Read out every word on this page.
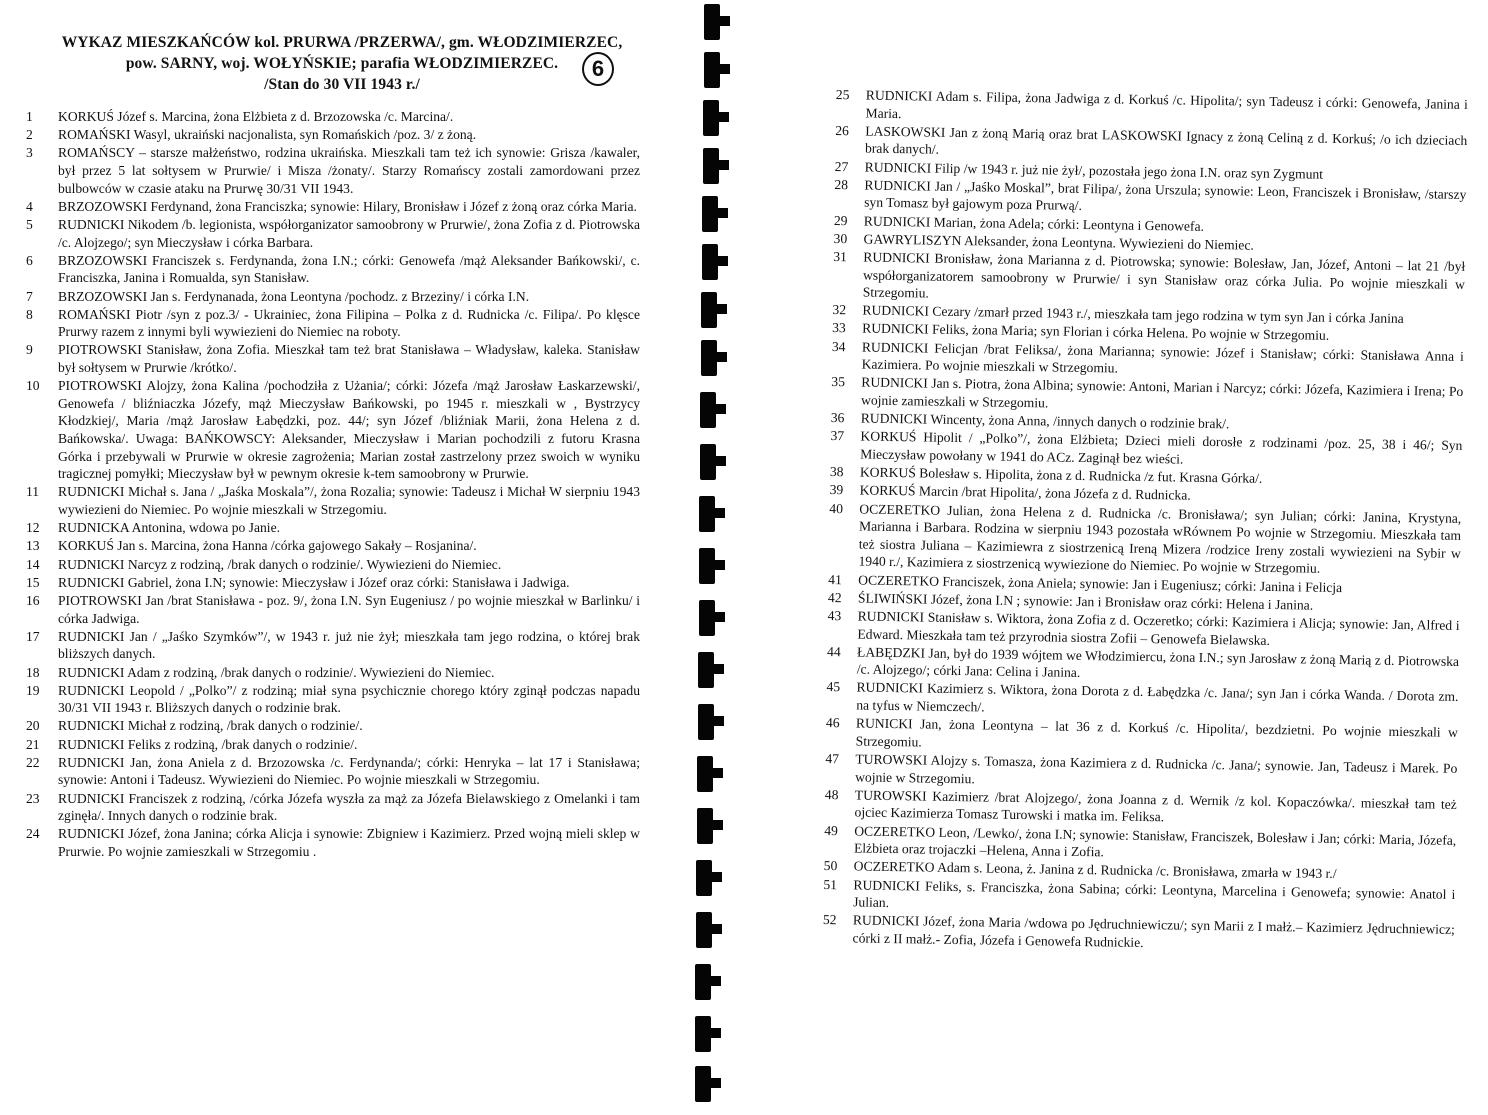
WYKAZ MIESZKAŃCÓW kol. PRURWA /PRZERWA/, gm. WŁODZIMIERZEC,
pow. SARNY, woj. WOŁYŃSKIE; parafia WŁODZIMIERZEC.
/Stan do 30 VII 1943 r./
6
1	KORKUŚ Józef s. Marcina, żona Elżbieta z d. Brzozowska /c. Marcina/.
2	ROMAŃSKI Wasyl, ukraiński nacjonalista, syn Romańskich /poz. 3/ z żoną.
3	ROMAŃSCY – starsze małżeństwo, rodzina ukraińska. Mieszkali tam też ich synowie: Grisza /kawaler, był przez 5 lat sołtysem w Prurwie/ i Misza /żonaty/. Starzy Romańscy zostali zamordowani przez bulbowców w czasie ataku na Prurwę 30/31 VII 1943.
4	BRZOZOWSKI Ferdynand, żona Franciszka; synowie: Hilary, Bronisław i Józef z żoną oraz córka Maria.
5	RUDNICKI Nikodem /b. legionista, współorganizator samoobrony w Prurwie/, żona Zofia z d. Piotrowska /c. Alojzego/; syn Mieczysław i córka Barbara.
6	BRZOZOWSKI Franciszek s. Ferdynanda, żona I.N.; córki: Genowefa /mąż Aleksander Bańkowski/, c. Franciszka, Janina i Romualda, syn Stanisław.
7	BRZOZOWSKI Jan s. Ferdynanada, żona Leontyna /pochodz. z Brzeziny/ i córka I.N.
8	ROMAŃSKI Piotr /syn z poz.3/ - Ukrainiec, żona Filipina – Polka z d. Rudnicka /c. Filipa/. Po klęsce Prurwy razem z innymi byli wywiezieni do Niemiec na roboty.
9	PIOTROWSKI Stanisław, żona Zofia. Mieszkał tam też brat Stanisława – Władysław, kaleka. Stanisław był sołtysem w Prurwie /krótko/.
10	PIOTROWSKI Alojzy, żona Kalina /pochodziła z Użania/; córki: Józefa /mąż Jarosław Łaskarzewski/, Genowefa / bliźniaczka Józefy, mąż Mieczysław Bańkowski, po 1945 r. mieszkali w , Bystrzycy Kłodzkiej/, Maria /mąż Jarosław Łabędzki, poz. 44/; syn Józef /bliźniak Marii, żona Helena z d. Bańkowska/. Uwaga: BAŃKOWSCY: Aleksander, Mieczysław i Marian pochodzili z futoru Krasna Górka i przebywali w Prurwie w okresie zagrożenia; Marian został zastrzelony przez swoich w wyniku tragicznej pomyłki; Mieczysław był w pewnym okresie k-tem samoobrony w Prurwie.
11	RUDNICKI Michał s. Jana / „Jaśka Moskala”/, żona Rozalia; synowie: Tadeusz i Michał W sierpniu 1943 wywiezieni do Niemiec. Po wojnie mieszkali w Strzegomiu.
12	RUDNICKA Antonina, wdowa po Janie.
13	KORKUŚ Jan s. Marcina, żona Hanna /córka gajowego Sakały – Rosjanina/.
14	RUDNICKI Narcyz z rodziną, /brak danych o rodzinie/. Wywiezieni do Niemiec.
15	RUDNICKI Gabriel, żona I.N; synowie: Mieczysław i Józef oraz córki: Stanisława i Jadwiga.
16	PIOTROWSKI Jan /brat Stanisława - poz. 9/, żona I.N. Syn Eugeniusz / po wojnie mieszkał w Barlinku/ i córka Jadwiga.
17	RUDNICKI Jan / „Jaśko Szymków”/, w 1943 r. już nie żył; mieszkała tam jego rodzina, o której brak bliższych danych.
18	RUDNICKI Adam z rodziną, /brak danych o rodzinie/. Wywiezieni do Niemiec.
19	RUDNICKI Leopold / „Polko”/ z rodziną; miał syna psychicznie chorego który zginął podczas napadu 30/31 VII 1943 r. Bliższych danych o rodzinie brak.
20	RUDNICKI Michał z rodziną, /brak danych o rodzinie/.
21	RUDNICKI Feliks z rodziną, /brak danych o rodzinie/.
22	RUDNICKI Jan, żona Aniela z d. Brzozowska /c. Ferdynanda/; córki: Henryka – lat 17 i Stanisława; synowie: Antoni i Tadeusz. Wywiezieni do Niemiec. Po wojnie mieszkali w Strzegomiu.
23	RUDNICKI Franciszek z rodziną, /córka Józefa wyszła za mąż za Józefa Bielawskiego z Omelanki i tam zginęła/. Innych danych o rodzinie brak.
24	RUDNICKI Józef, żona Janina; córka Alicja i synowie: Zbigniew i Kazimierz. Przed wojną mieli sklep w Prurwie. Po wojnie zamieszkali w Strzegomiu .
25	RUDNICKI Adam s. Filipa, żona Jadwiga z d. Korkuś /c. Hipolita/; syn Tadeusz i córki: Genowefa, Janina i Maria.
26	LASKOWSKI Jan z żoną Marią oraz brat LASKOWSKI Ignacy z żoną Celiną z d. Korkuś; /o ich dzieciach brak danych/.
27	RUDNICKI Filip /w 1943 r. już nie żył/, pozostała jego żona I.N. oraz syn Zygmunt
28	RUDNICKI Jan / „Jaśko Moskal”, brat Filipa/, żona Urszula; synowie: Leon, Franciszek i Bronisław, /starszy syn Tomasz był gajowym poza Prurwą/.
29	RUDNICKI Marian, żona Adela; córki: Leontyna i Genowefa.
30	GAWRYLISZYN Aleksander, żona Leontyna. Wywiezieni do Niemiec.
31	RUDNICKI Bronisław, żona Marianna z d. Piotrowska; synowie: Bolesław, Jan, Józef, Antoni – lat 21 /był współorganizatorem samoobrony w Prurwie/ i syn Stanisław oraz córka Julia. Po wojnie mieszkali w Strzegomiu.
32	RUDNICKI Cezary /zmarł przed 1943 r./, mieszkała tam jego rodzina w tym syn Jan i córka Janina
33	RUDNICKI Feliks, żona Maria; syn Florian i córka Helena. Po wojnie w Strzegomiu.
34	RUDNICKI Felicjan /brat Feliksa/, żona Marianna; synowie: Józef i Stanisław; córki: Stanisława Anna i Kazimiera. Po wojnie mieszkali w Strzegomiu.
35	RUDNICKI Jan s. Piotra, żona Albina; synowie: Antoni, Marian i Narcyz; córki: Józefa, Kazimiera i Irena; Po wojnie zamieszkali w Strzegomiu.
36	RUDNICKI Wincenty, żona Anna, /innych danych o rodzinie brak/.
37	KORKUŚ Hipolit / „Polko”/, żona Elżbieta; Dzieci mieli dorosłe z rodzinami /poz. 25, 38 i 46/; Syn Mieczysław powołany w 1941 do ACz. Zaginął bez wieści.
38	KORKUŚ Bolesław s. Hipolita, żona z d. Rudnicka /z fut. Krasna Górka/.
39	KORKUŚ Marcin /brat Hipolita/, żona Józefa z d. Rudnicka.
40	OCZERETKO Julian, żona Helena z d. Rudnicka /c. Bronisława/; syn Julian; córki: Janina, Krystyna, Marianna i Barbara. Rodzina w sierpniu 1943 pozostała wRównem Po wojnie w Strzegomiu. Mieszkała tam też siostra Juliana – Kazimiewra z siostrzenicą Ireną Mizera /rodzice Ireny zostali wywiezieni na Sybir w 1940 r./, Kazimiera z siostrzenicą wywiezione do Niemiec. Po wojnie w Strzegomiu.
41	OCZERETKO Franciszek, żona Aniela; synowie: Jan i Eugeniusz; córki: Janina i Felicja
42	ŚLIWIŃSKI Józef, żona I.N ; synowie: Jan i Bronisław oraz córki: Helena i Janina.
43	RUDNICKI Stanisław s. Wiktora, żona Zofia z d. Oczeretko; córki: Kazimiera i Alicja; synowie: Jan, Alfred i Edward. Mieszkała tam też przyrodnia siostra Zofii – Genowefa Bielawska.
44	ŁABĘDZKI Jan, był do 1939 wójtem we Włodzimiercu, żona I.N.; syn Jarosław z żoną Marią z d. Piotrowska /c. Alojzego/; córki Jana: Celina i Janina.
45	RUDNICKI Kazimierz s. Wiktora, żona Dorota z d. Łabędzka /c. Jana/; syn Jan i córka Wanda. / Dorota zm. na tyfus w Niemczech/.
46	RUNICKI Jan, żona Leontyna – lat 36 z d. Korkuś /c. Hipolita/, bezdzietni. Po wojnie mieszkali w Strzegomiu.
47	TUROWSKI Alojzy s. Tomasza, żona Kazimiera z d. Rudnicka /c. Jana/; synowie. Jan, Tadeusz i Marek. Po wojnie w Strzegomiu.
48	TUROWSKI Kazimierz /brat Alojzego/, żona Joanna z d. Wernik /z kol. Kopaczówka/. mieszkał tam też ojciec Kazimierza Tomasz Turowski i matka im. Feliksa.
49	OCZERETKO Leon, /Lewko/, żona I.N; synowie: Stanisław, Franciszek, Bolesław i Jan; córki: Maria, Józefa, Elżbieta oraz trojaczki –Helena, Anna i Zofia.
50	OCZERETKO Adam s. Leona, ż. Janina z d. Rudnicka /c. Bronisława, zmarła w 1943 r./
51	RUDNICKI Feliks, s. Franciszka, żona Sabina; córki: Leontyna, Marcelina i Genowefa; synowie: Anatol i Julian.
52	RUDNICKI Józef, żona Maria /wdowa po Jędruchniewiczu/; syn Marii z I małż.– Kazimierz Jędruchniewicz; córki z II małż.- Zofia, Józefa i Genowefa Rudnickie.
